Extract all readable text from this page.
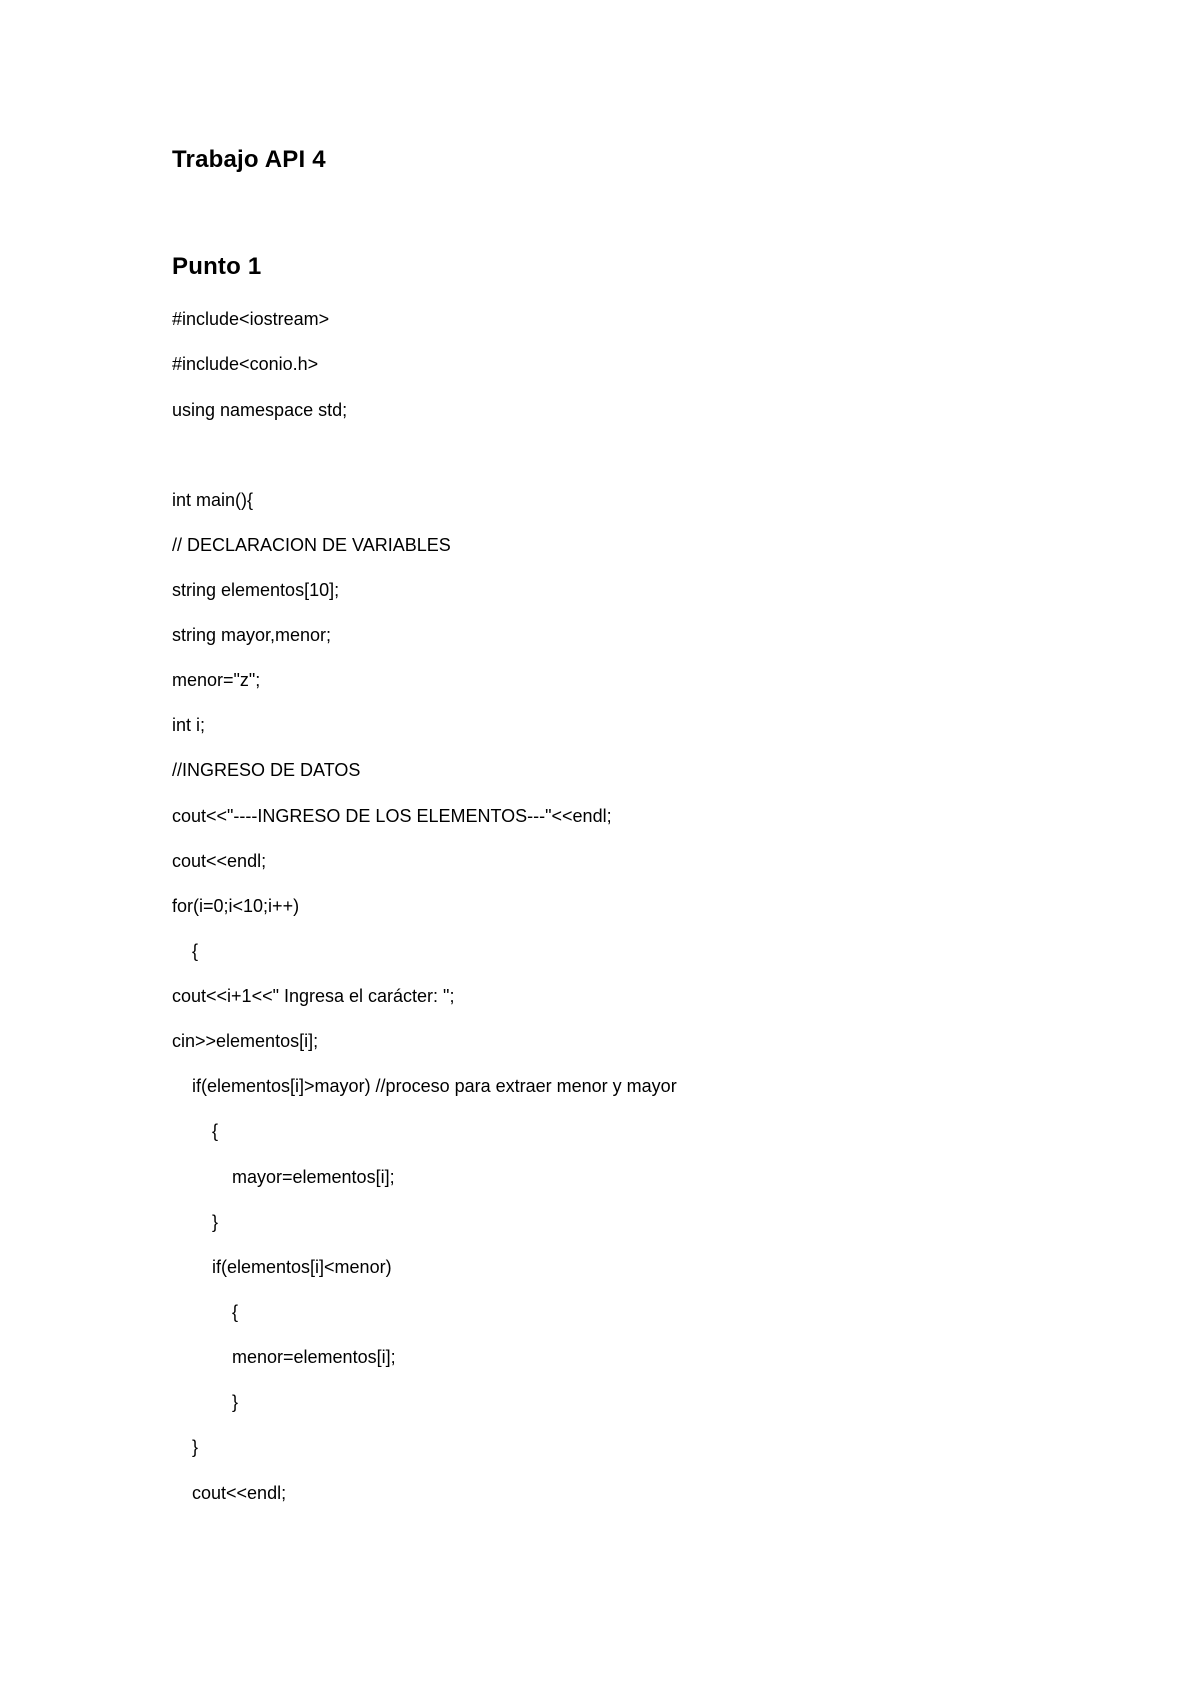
Trabajo API 4
Punto 1
#include<iostream>
#include<conio.h>
using namespace std;
int main(){
// DECLARACION DE VARIABLES
string elementos[10];
string mayor,menor;
menor="z";
int i;
//INGRESO DE DATOS
cout<<"----INGRESO DE LOS ELEMENTOS---"<<endl;
cout<<endl;
for(i=0;i<10;i++)
{
cout<<i+1<<" Ingresa el carácter: ";
cin>>elementos[i];
if(elementos[i]>mayor) //proceso para extraer menor y mayor
{
mayor=elementos[i];
}
if(elementos[i]<menor)
{
menor=elementos[i];
}
}
cout<<endl;
